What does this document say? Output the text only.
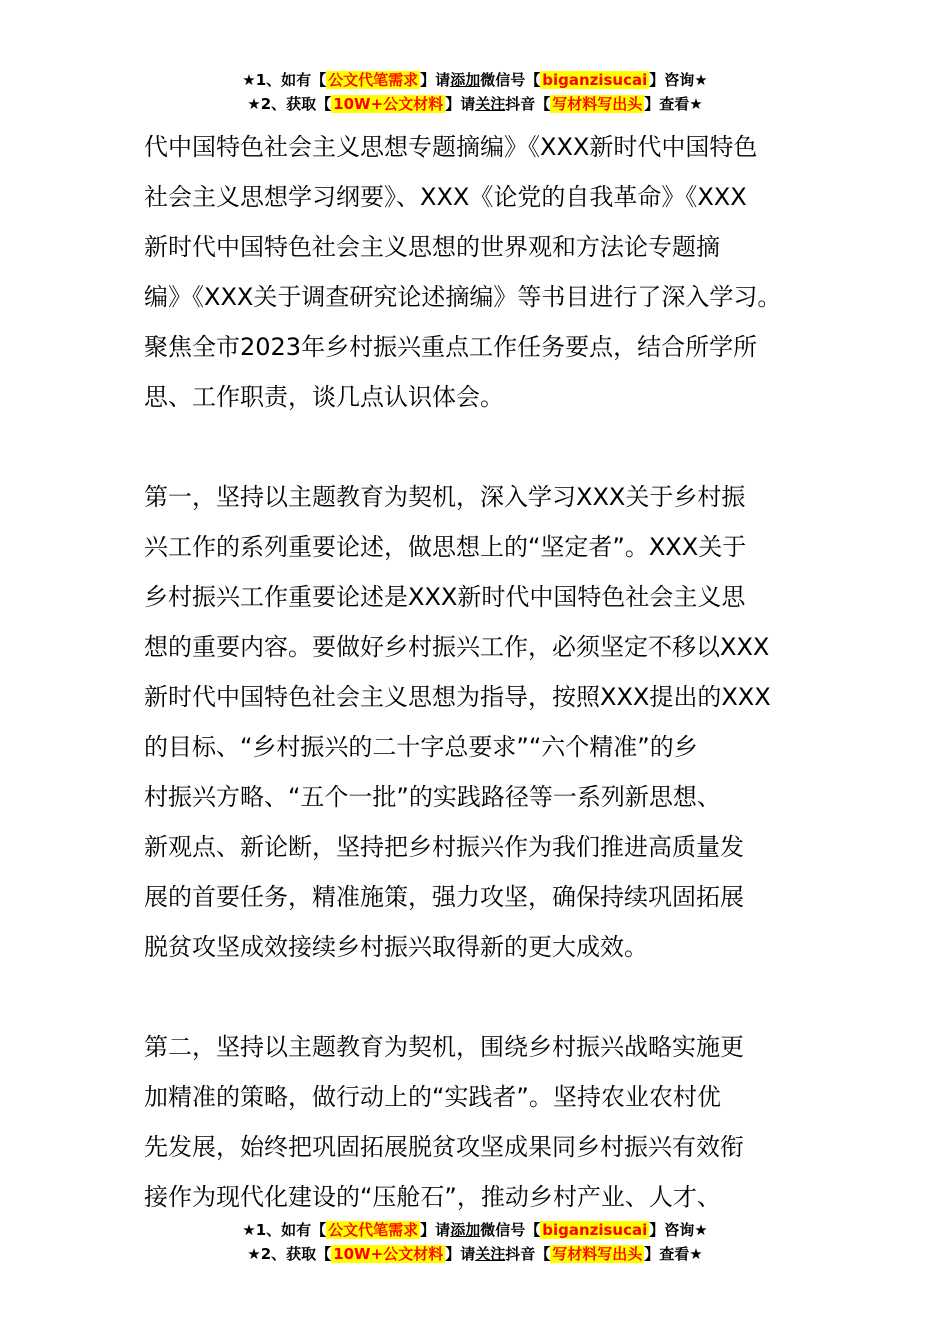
★1、如有【 公文代笔需求 】请添加微信号【 biganzisucai 】咨询★
★2、获取【 10W+公文材料 】请关注抖音【 写材料写出头 】查看★

代中国特色社会主义思想专题摘编》《XXX新时代中国特色
社会主义思想学习纲要》、XXX《论党的自我革命》《XXX
新时代中国特色社会主义思想的世界观和方法论专题摘
编》《XXX关于调查研究论述摘编》等书目进行了深入学习。
聚焦全市2023年乡村振兴重点工作任务要点，结合所学所
思、工作职责，谈几点认识体会。

第一，坚持以主题教育为契机，深入学习XXX关于乡村振
兴工作的系列重要论述，做思想上的“坚定者”。XXX关于
乡村振兴工作重要论述是XXX新时代中国特色社会主义思
想的重要内容。要做好乡村振兴工作，必须坚定不移以XXX
新时代中国特色社会主义思想为指导，按照XXX提出的XXX
的目标、“乡村振兴的二十字总要求”“六个精准”的乡
村振兴方略、“五个一批”的实践路径等一系列新思想、
新观点、新论断，坚持把乡村振兴作为我们推进高质量发
展的首要任务，精准施策，强力攻坚，确保持续巩固拓展
脱贫攻坚成效接续乡村振兴取得新的更大成效。

第二，坚持以主题教育为契机，围绕乡村振兴战略实施更
加精准的策略，做行动上的“实践者”。坚持农业农村优
先发展，始终把巩固拓展脱贫攻坚成果同乡村振兴有效衔
接作为现代化建设的“压舱石”，推动乡村产业、人才、

★1、如有【 公文代笔需求 】请添加微信号【 biganzisucai 】咨询★
★2、获取【 10W+公文材料 】请关注抖音【 写材料写出头 】查看★
